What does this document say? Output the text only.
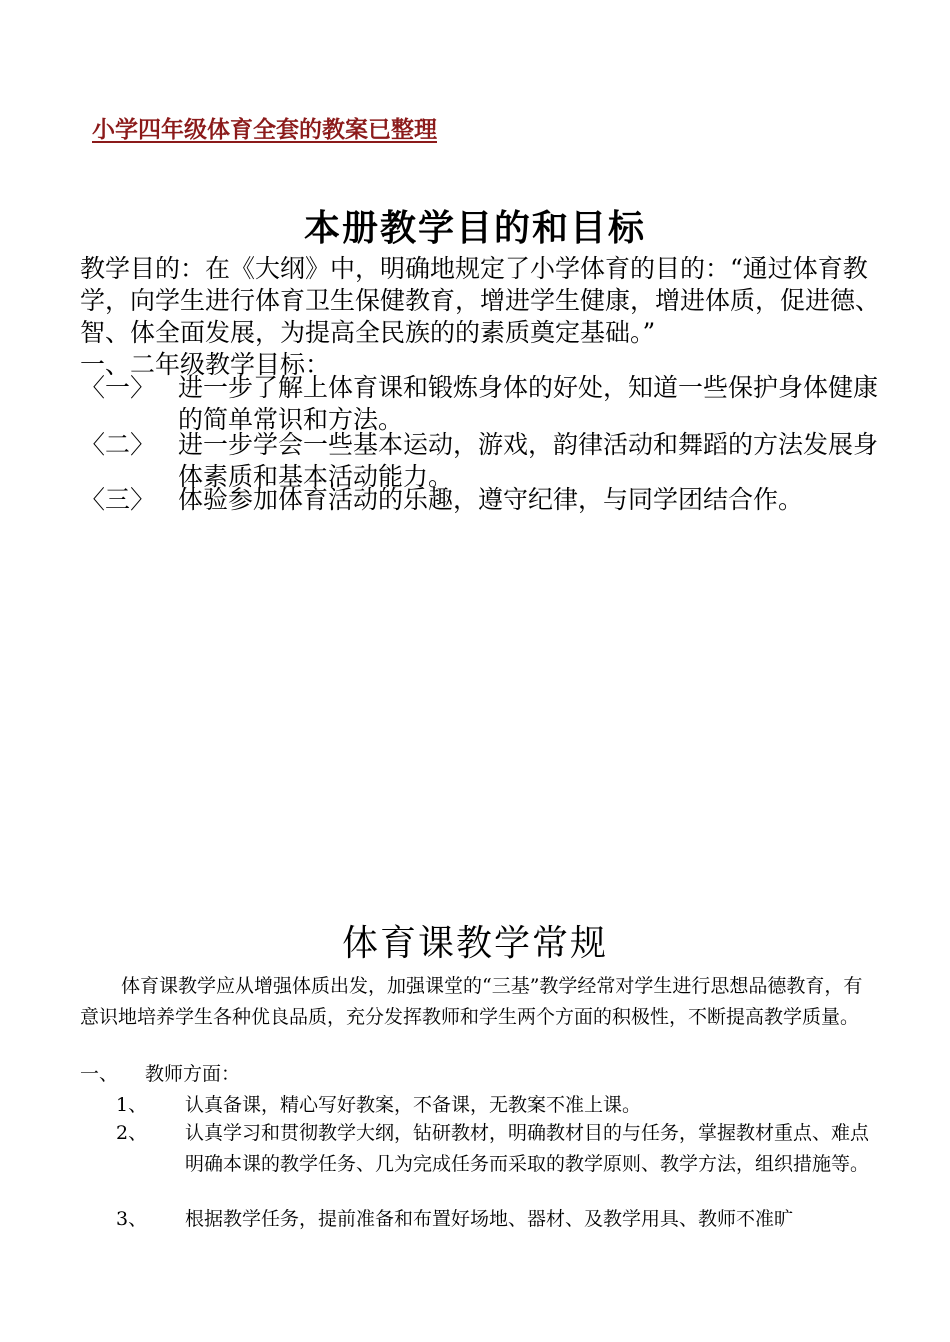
小学四年级体育全套的教案已整理
本册教学目的和目标
教学目的：在《大纲》中，明确地规定了小学体育的目的：“通过体育教学，向学生进行体育卫生保健教育，增进学生健康，增进体质，促进德、智、体全面发展，为提高全民族的的素质奠定基础。”
一、二年级教学目标：
〈一〉 进一步了解上体育课和锻炼身体的好处，知道一些保护身体健康的简单常识和方法。
〈二〉 进一步学会一些基本运动，游戏，韵律活动和舞蹈的方法发展身体素质和基本活动能力。
〈三〉 体验参加体育活动的乐趣，遵守纪律，与同学团结合作。
体育课教学常规
体育课教学应从增强体质出发，加强课堂的“三基”教学经常对学生进行思想品德教育，有意识地培养学生各种优良品质，充分发挥教师和学生两个方面的积极性，不断提高教学质量。
一、 教师方面：
1、 认真备课，精心写好教案，不备课，无教案不准上课。
2、 认真学习和贯彻教学大纲，钻研教材，明确教材目的与任务，掌握教材重点、难点明确本课的教学任务、几为完成任务而采取的教学原则、教学方法，组织措施等。
3、 根据教学任务，提前准备和布置好场地、器材、及教学用具、教师不准旷
